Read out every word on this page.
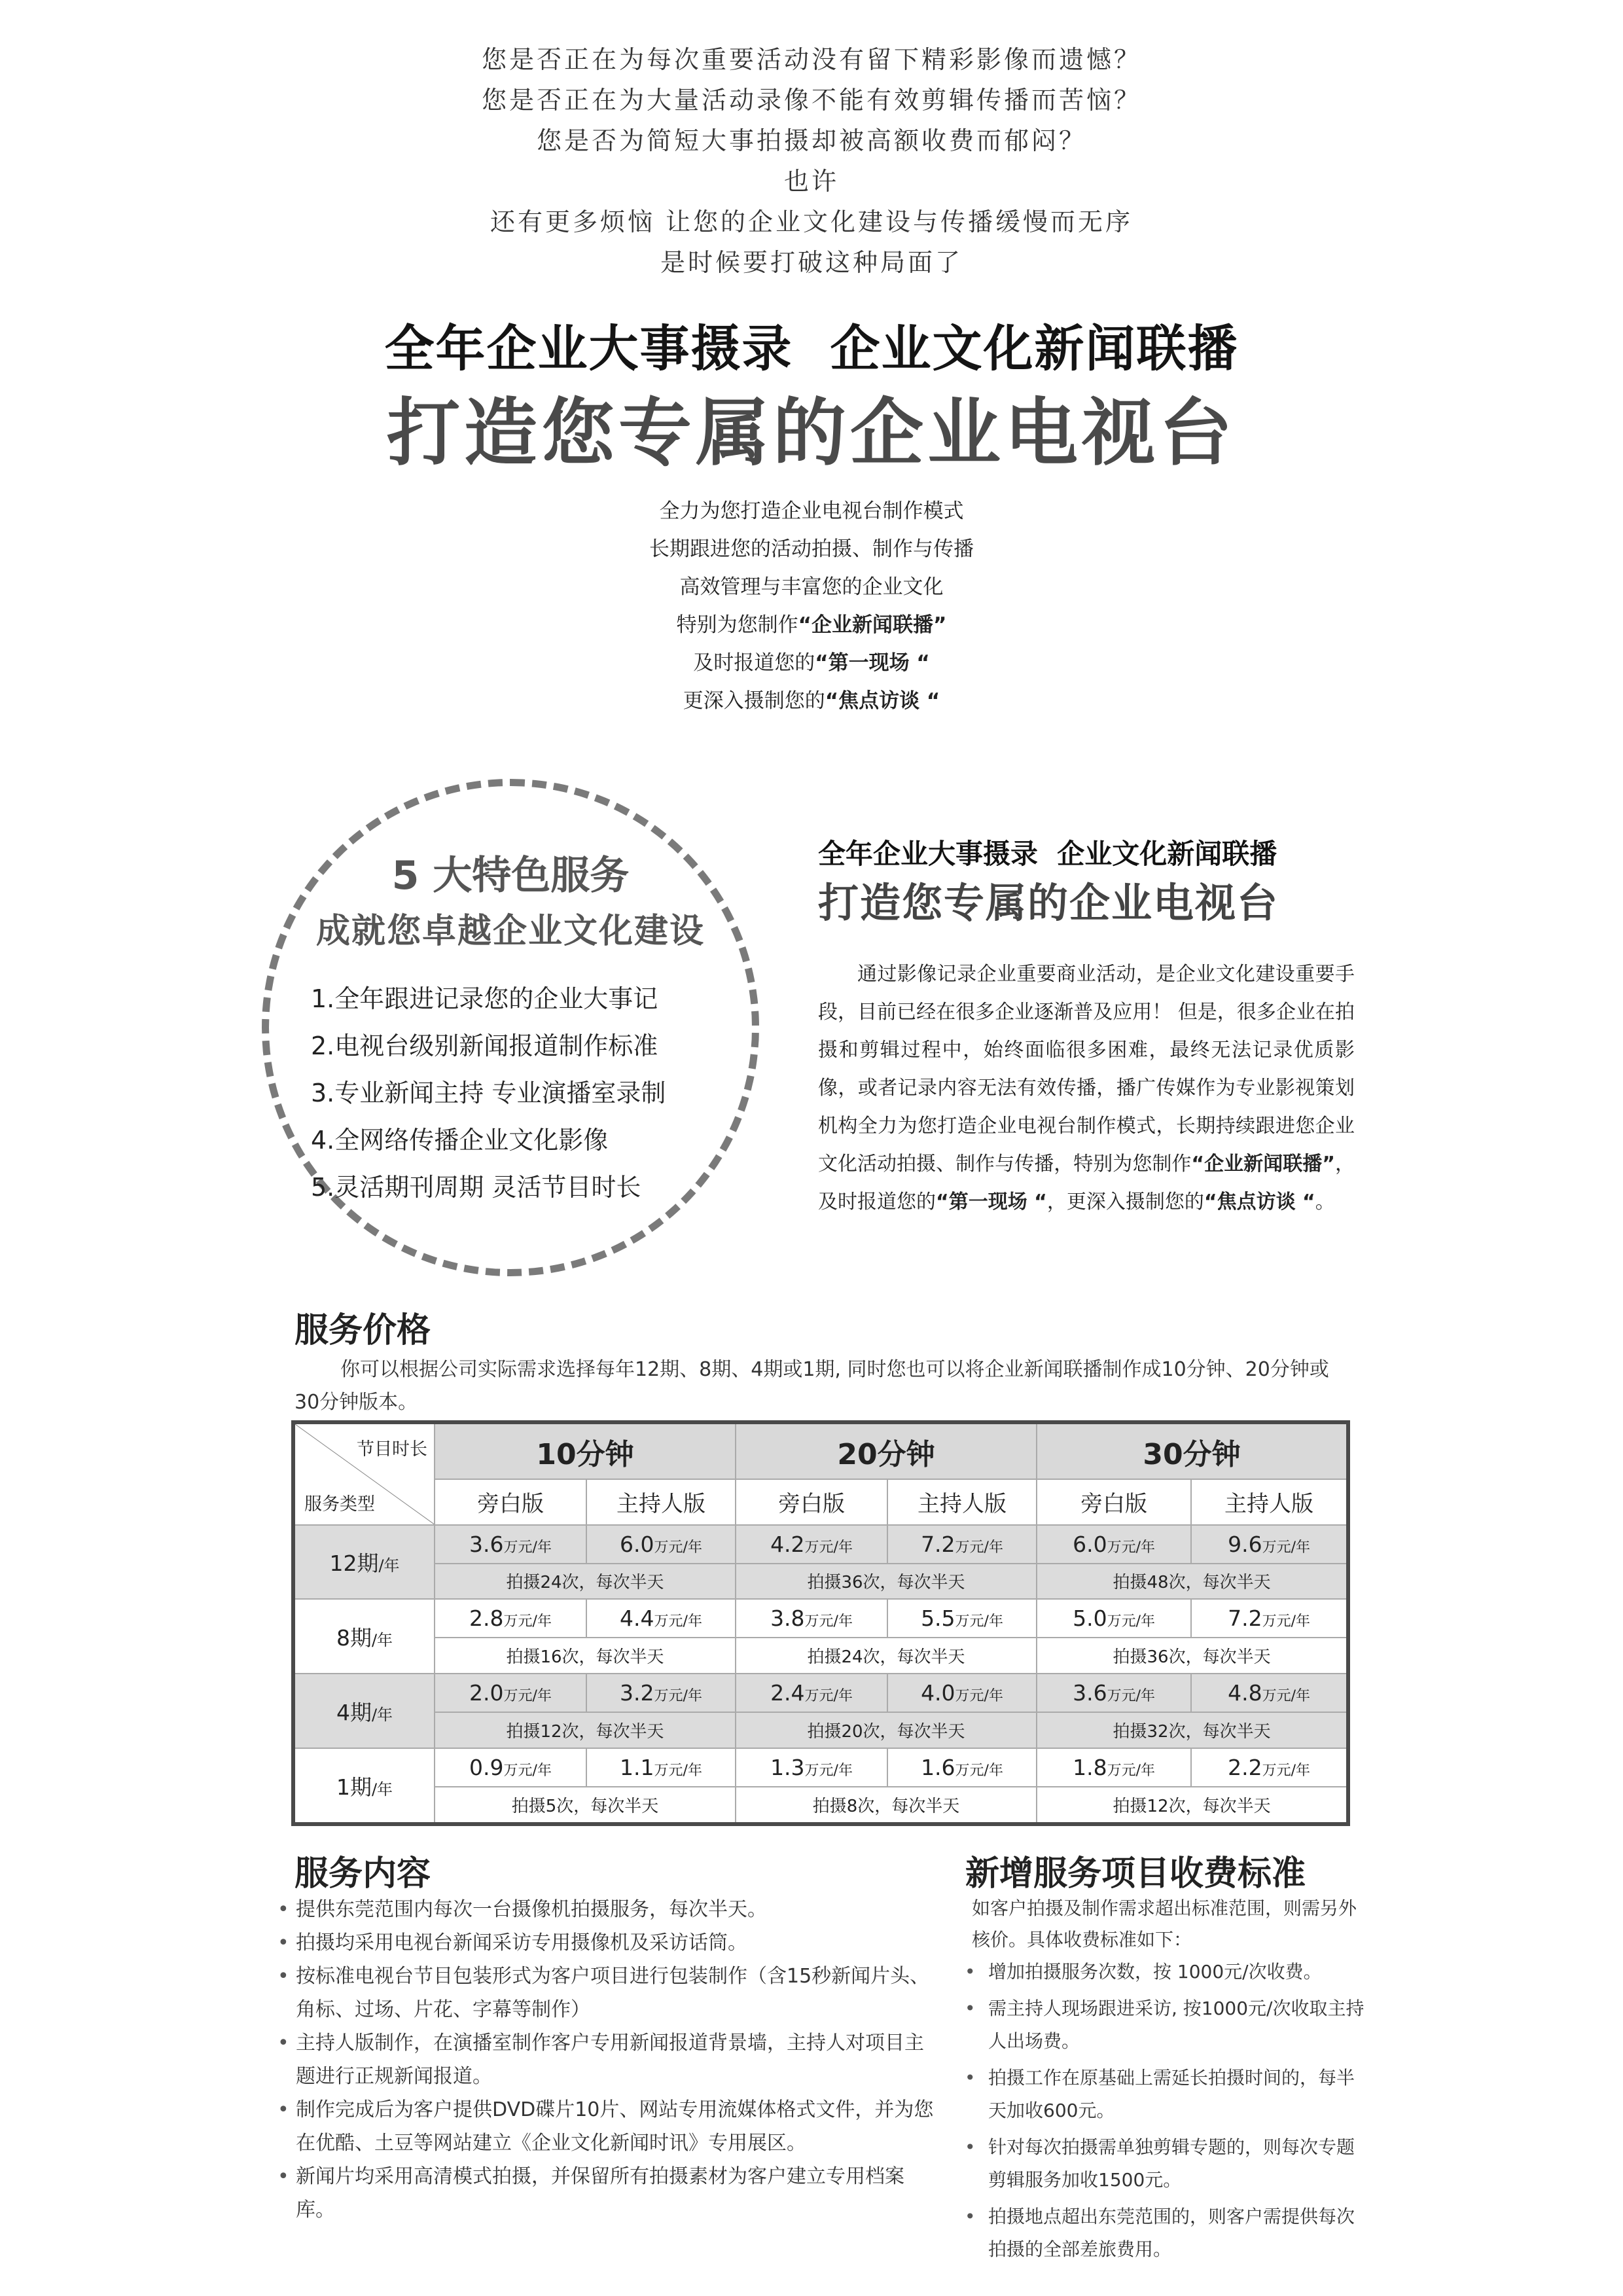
您是否正在为每次重要活动没有留下精彩影像而遗憾？
您是否正在为大量活动录像不能有效剪辑传播而苦恼？
您是否为简短大事拍摄却被高额收费而郁闷？
也许
还有更多烦恼 让您的企业文化建设与传播缓慢而无序
是时候要打破这种局面了
全年企业大事摄录  企业文化新闻联播
打造您专属的企业电视台
全力为您打造企业电视台制作模式
长期跟进您的活动拍摄、制作与传播
高效管理与丰富您的企业文化
特别为您制作“企业新闻联播”
及时报道您的“第一现场 “
更深入摄制您的“焦点访谈 “
5 大特色服务
成就您卓越企业文化建设
1.全年跟进记录您的企业大事记
2.电视台级别新闻报道制作标准
3.专业新闻主持 专业演播室录制
4.全网络传播企业文化影像
5.灵活期刊周期 灵活节目时长
全年企业大事摄录  企业文化新闻联播
打造您专属的企业电视台
通过影像记录企业重要商业活动，是企业文化建设重要手段，目前已经在很多企业逐渐普及应用！ 但是，很多企业在拍摄和剪辑过程中，始终面临很多困难，最终无法记录优质影像，或者记录内容无法有效传播，播广传媒作为专业影视策划机构全力为您打造企业电视台制作模式，长期持续跟进您企业文化活动拍摄、制作与传播，特别为您制作“企业新闻联播”，及时报道您的“第一现场 “，更深入摄制您的“焦点访谈 “。
服务价格
你可以根据公司实际需求选择每年12期、8期、4期或1期, 同时您也可以将企业新闻联播制作成10分钟、20分钟或30分钟版本。
节目时长
服务类型	10分钟		20分钟		30分钟	
	旁白版	主持人版	旁白版	主持人版	旁白版	主持人版
12期/年	3.6万元/年	6.0万元/年	4.2万元/年	7.2万元/年	6.0万元/年	9.6万元/年
	拍摄24次，每次半天		拍摄36次，每次半天		拍摄48次，每次半天	
8期/年	2.8万元/年	4.4万元/年	3.8万元/年	5.5万元/年	5.0万元/年	7.2万元/年
	拍摄16次，每次半天		拍摄24次，每次半天		拍摄36次，每次半天	
4期/年	2.0万元/年	3.2万元/年	2.4万元/年	4.0万元/年	3.6万元/年	4.8万元/年
	拍摄12次，每次半天		拍摄20次，每次半天		拍摄32次，每次半天	
1期/年	0.9万元/年	1.1万元/年	1.3万元/年	1.6万元/年	1.8万元/年	2.2万元/年
	拍摄5次，每次半天		拍摄8次，每次半天		拍摄12次，每次半天	
服务内容
• 提供东莞范围内每次一台摄像机拍摄服务，每次半天。
• 拍摄均采用电视台新闻采访专用摄像机及采访话筒。
• 按标准电视台节目包装形式为客户项目进行包装制作（含15秒新闻片头、角标、过场、片花、字幕等制作）
• 主持人版制作，在演播室制作客户专用新闻报道背景墙，主持人对项目主题进行正规新闻报道。
• 制作完成后为客户提供DVD碟片10片、网站专用流媒体格式文件，并为您在优酷、土豆等网站建立《企业文化新闻时讯》专用展区。
• 新闻片均采用高清模式拍摄，并保留所有拍摄素材为客户建立专用档案库。
新增服务项目收费标准
如客户拍摄及制作需求超出标准范围，则需另外核价。具体收费标准如下：
• 增加拍摄服务次数，按 1000元/次收费。
• 需主持人现场跟进采访, 按1000元/次收取主持人出场费。
• 拍摄工作在原基础上需延长拍摄时间的，每半天加收600元。
• 针对每次拍摄需单独剪辑专题的，则每次专题剪辑服务加收1500元。
• 拍摄地点超出东莞范围的，则客户需提供每次拍摄的全部差旅费用。
